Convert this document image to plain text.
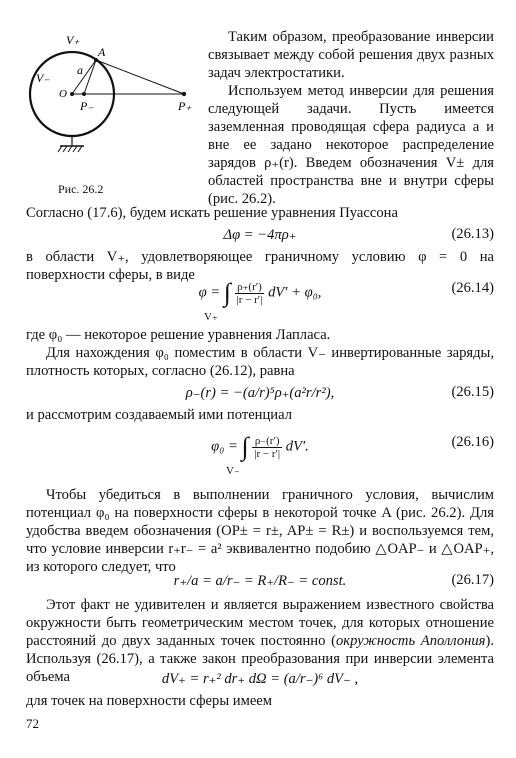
V₊
V₋
A
a
O
P₋	P₊
Рис. 26.2

Таким образом, преобразование инверсии связывает между собой решения двух разных задач электростатики.

Используем метод инверсии для решения следующей задачи. Пусть имеется заземленная проводящая сфера радиуса a и вне ее задано некоторое распределение зарядов ρ₊(r). Введем обозначения V± для областей пространства вне и внутри сферы (рис. 26.2).

Согласно (17.6), будем искать решение уравнения Пуассона

Δφ = −4πρ₊	(26.13)

в области V₊, удовлетворяющее граничному условию φ = 0 на поверхности сферы, в виде

φ = ∫ $\frac{\rho_+(r')}{|r - r'|} dV' + \varphi_0$,
V₊
(26.14)

где φ₀ — некоторое решение уравнения Лапласа.

Для нахождения φ₀ поместим в области V₋ инвертированные заряды, плотность которых, согласно (26.12), равна

ρ₋(r) = −(a/r)⁵ρ₊(a²r/r²),	(26.15)

и рассмотрим создаваемый ими потенциал

φ₀ = ∫ $\frac{\rho_-(r')}{|r - r'|} dV'$.
V₋
(26.16)

Чтобы убедиться в выполнении граничного условия, вычислим потенциал φ₀ на поверхности сферы в некоторой точке A (рис. 26.2). Для удобства введем обозначения (OP± = r±, AP± = R±) и воспользуемся тем, что условие инверсии r₊r₋ = a² эквивалентно подобию △OAP₋ и △OAP₊, из которого следует, что

r₊/a = a/r₋ = R₊/R₋ = const.	(26.17)

Этот факт не удивителен и является выражением известного свойства окружности быть геометрическим местом точек, для которых отношение расстояний до двух заданных точек постоянно (окружность Аполлония). Используя (26.17), а также закон преобразования при инверсии элемента объема	dV₊ = r₊² dr₊ dΩ = (a/r₋)⁶ dV₋ ,

для точек на поверхности сферы имеем

72
